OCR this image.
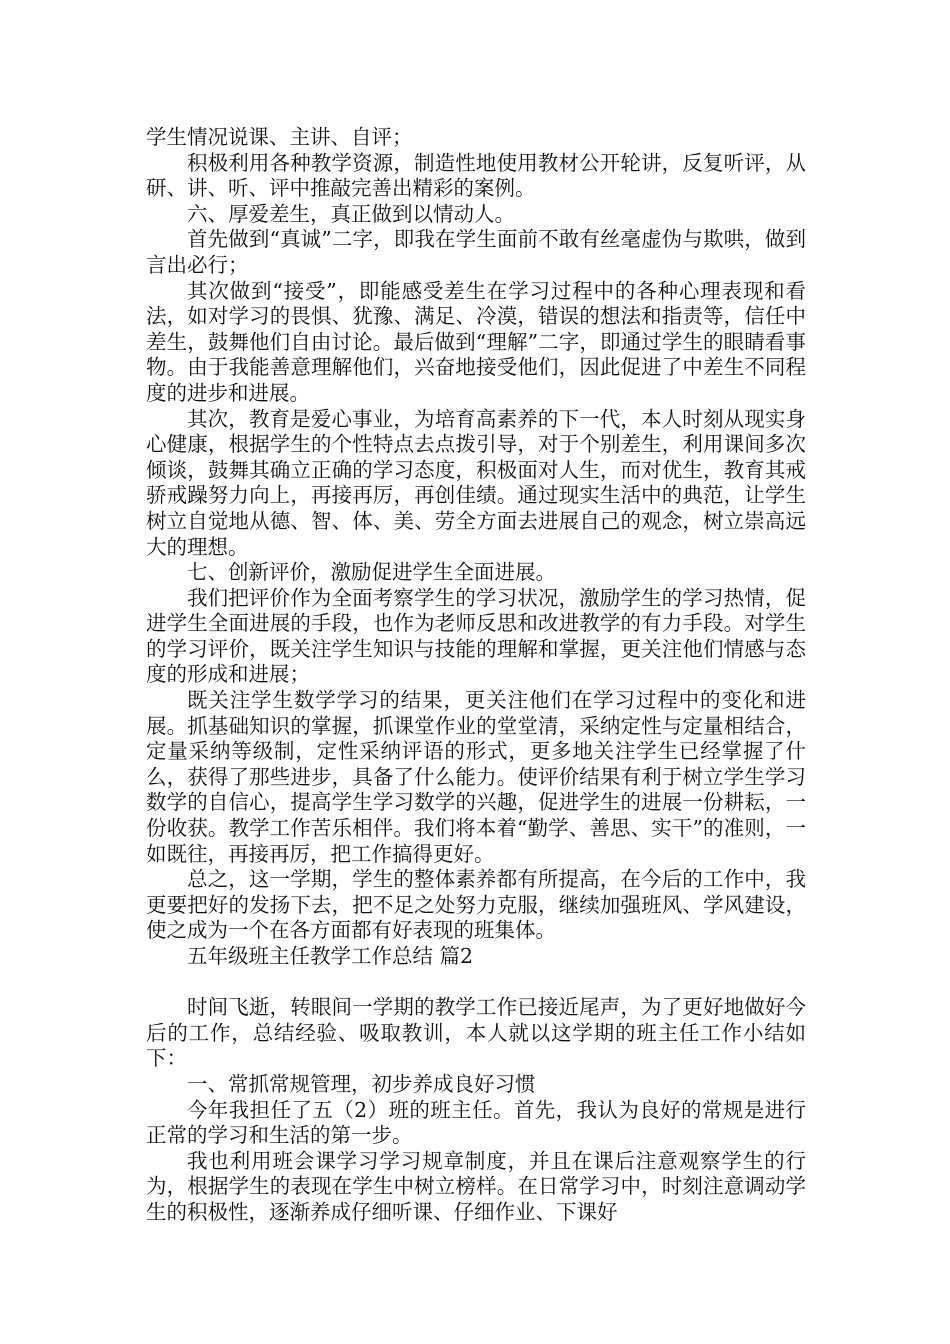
学生情况说课、主讲、自评；

积极利用各种教学资源，制造性地使用教材公开轮讲，反复听评，从研、讲、听、评中推敲完善出精彩的案例。

六、厚爱差生，真正做到以情动人。

首先做到“真诚”二字，即我在学生面前不敢有丝毫虚伪与欺哄，做到言出必行；

其次做到“接受”，即能感受差生在学习过程中的各种心理表现和看法，如对学习的畏惧、犹豫、满足、冷漠，错误的想法和指责等，信任中差生，鼓舞他们自由讨论。最后做到“理解”二字，即通过学生的眼睛看事物。由于我能善意理解他们，兴奋地接受他们，因此促进了中差生不同程度的进步和进展。

其次，教育是爱心事业，为培育高素养的下一代，本人时刻从现实身心健康，根据学生的个性特点去点拨引导，对于个别差生，利用课间多次倾谈，鼓舞其确立正确的学习态度，积极面对人生，而对优生，教育其戒骄戒躁努力向上，再接再厉，再创佳绩。通过现实生活中的典范，让学生树立自觉地从德、智、体、美、劳全方面去进展自己的观念，树立崇高远大的理想。

七、创新评价，激励促进学生全面进展。

我们把评价作为全面考察学生的学习状况，激励学生的学习热情，促进学生全面进展的手段，也作为老师反思和改进教学的有力手段。对学生的学习评价，既关注学生知识与技能的理解和掌握，更关注他们情感与态度的形成和进展；

既关注学生数学学习的结果，更关注他们在学习过程中的变化和进展。抓基础知识的掌握，抓课堂作业的堂堂清，采纳定性与定量相结合，定量采纳等级制，定性采纳评语的形式，更多地关注学生已经掌握了什么，获得了那些进步，具备了什么能力。使评价结果有利于树立学生学习数学的自信心，提高学生学习数学的兴趣，促进学生的进展一份耕耘，一份收获。教学工作苦乐相伴。我们将本着“勤学、善思、实干”的准则，一如既往，再接再厉，把工作搞得更好。

总之，这一学期，学生的整体素养都有所提高，在今后的工作中，我更要把好的发扬下去，把不足之处努力克服，继续加强班风、学风建设，使之成为一个在各方面都有好表现的班集体。

五年级班主任教学工作总结 篇2

时间飞逝，转眼间一学期的教学工作已接近尾声，为了更好地做好今后的工作，总结经验、吸取教训，本人就以这学期的班主任工作小结如下：

一、常抓常规管理，初步养成良好习惯

今年我担任了五（2）班的班主任。首先，我认为良好的常规是进行正常的学习和生活的第一步。

我也利用班会课学习学习规章制度，并且在课后注意观察学生的行为，根据学生的表现在学生中树立榜样。在日常学习中，时刻注意调动学生的积极性，逐渐养成仔细听课、仔细作业、下课好
